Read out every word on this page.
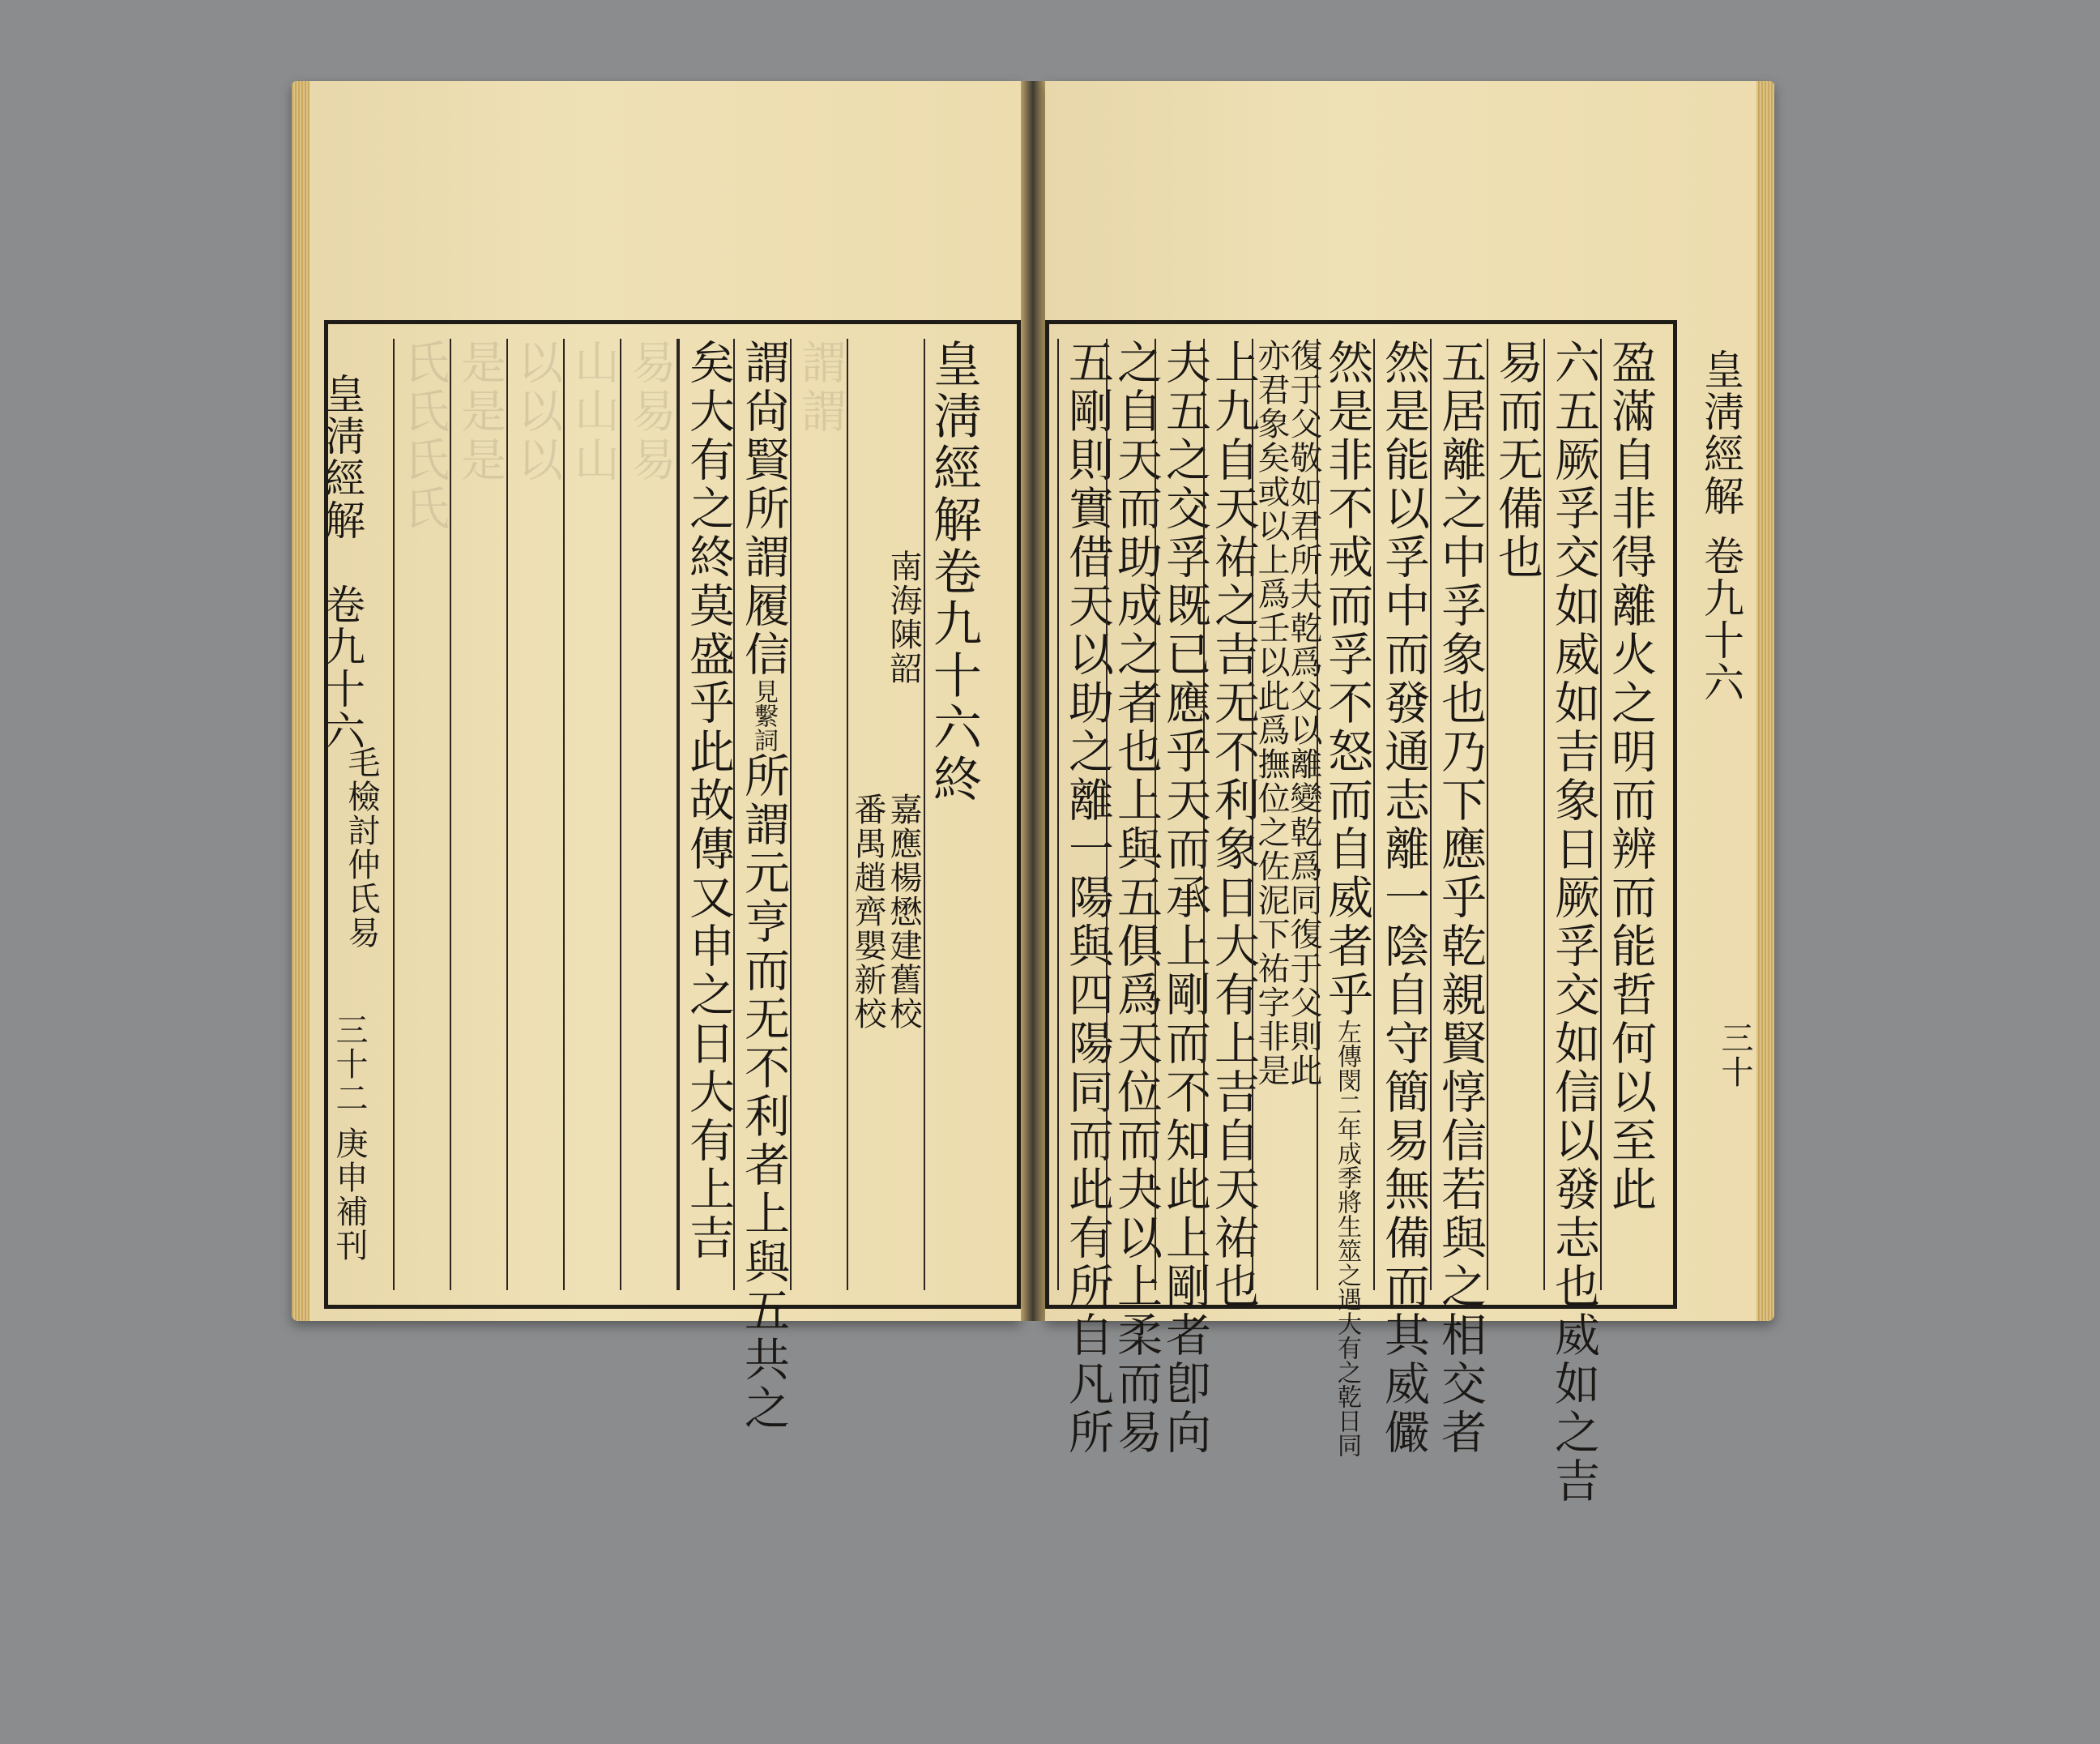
皇淸經解
卷九十六
毛檢討仲氏易
三十二
庚申補刊
氏氏氏氏 是是是 以以以 山山山 易易易 矣大有之終莫盛乎此故傳又申之日大有上吉 謂尙賢所謂履信見繫詞所謂元亨而无不利者上與五共之
謂謂
南海陳韶
嘉應楊懋建舊校
番禺趙齊嬰新校
皇淸經解卷九十六終	皇淸經解
卷九十六
三十
五剛則實借天以助之離一陽與四陽同而此有所自凡所
之自天而助成之者也上與五俱爲天位而夬以上柔而易
夫五之交孚既已應乎天而承上剛而不知此上剛者卽向
上九自天祐之吉无不利象日大有上吉自天祐也 復于父敬如君所夫乾爲父以離變乾爲同復于父則此
亦君象矣或以上爲壬以此爲撫位之佐泥下祐字非是 然是非不戒而孚不怒而自威者乎左傳閔二年成季將生筮之遇大有之乾日同 然是能以孚中而發通志離一陰自守簡易無備而其威儼 五居離之中孚象也乃下應乎乾親賢惇信若與之相交者 易而无備也 六五厥孚交如威如吉象日厥孚交如信以發志也威如之吉 盈滿自非得離火之明而辨而能哲何以至此
